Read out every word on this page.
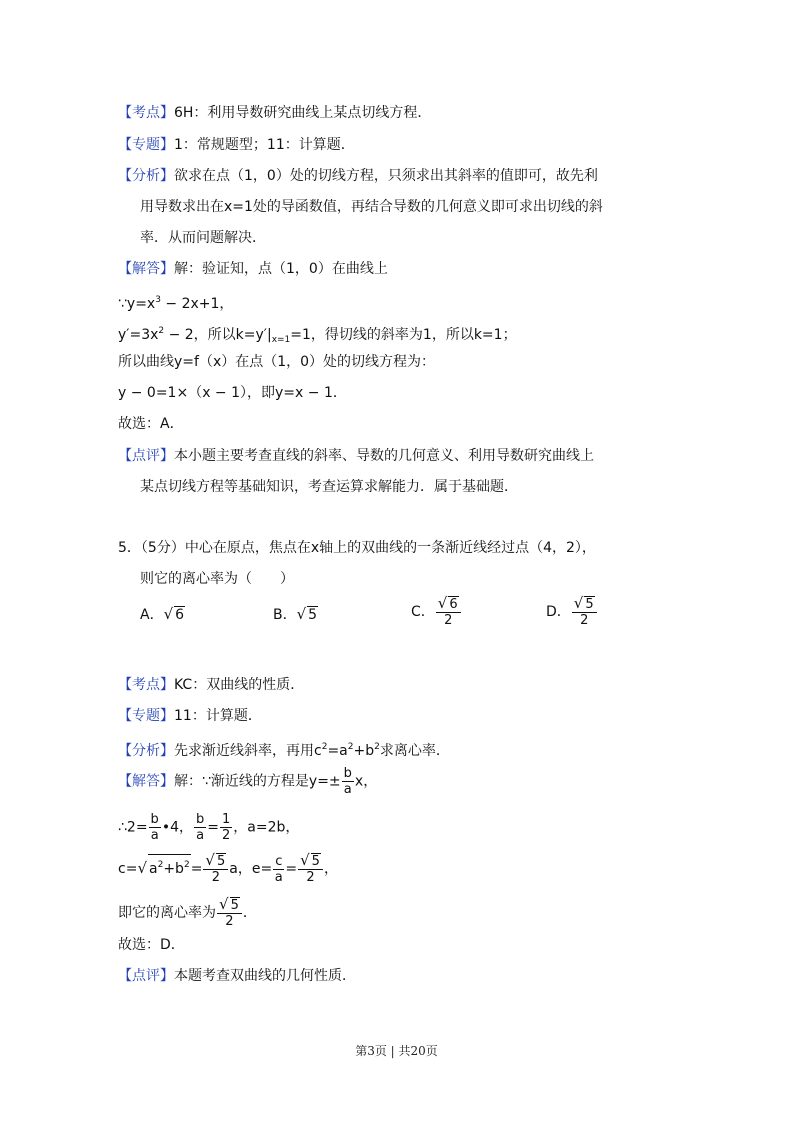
【考点】6H：利用导数研究曲线上某点切线方程．
【专题】1：常规题型；11：计算题．
【分析】欲求在点（1，0）处的切线方程，只须求出其斜率的值即可，故先利
用导数求出在x=1处的导函数值，再结合导数的几何意义即可求出切线的斜
率．从而问题解决．
【解答】解：验证知，点（1，0）在曲线上
$\because y=x^3 - 2x+1$，
$y'=3x^2 - 2$，所以$k=y'|_{x=1}=1$，得切线的斜率为1，所以k=1；
所以曲线y=f（x）在点（1，0）处的切线方程为：
y − 0=1×（x − 1），即y=x − 1．
故选：A．
【点评】本小题主要考查直线的斜率、导数的几何意义、利用导数研究曲线上
某点切线方程等基础知识，考查运算求解能力．属于基础题．
5．（5分）中心在原点，焦点在x轴上的双曲线的一条渐近线经过点（4，2），
则它的离心率为（　　）
A．√ 6	B．√ 5	C． $\frac{√ 6}{2}$	D． $\frac{√ 5}{2}$
【考点】KC：双曲线的性质．
【专题】11：计算题．
【分析】先求渐近线斜率，再用$c^2=a^2+b^2$求离心率．
【解答】解：∵渐近线的方程是$y=\pm \frac{b}{a}$ x，
∴2= $\frac{b}{a}$ •4， $\frac{b}{a} = \frac{1}{2}$ ，a=2b，
c=√ $a^2+b^2= \frac{√ 5}{2}$ a，$e= \frac{c}{a} = \frac{√ 5}{2}$ ，
即它的离心率为 $\frac{√ 5}{2}$ ．
故选：D．
【点评】本题考查双曲线的几何性质．
第3页 | 共20页
